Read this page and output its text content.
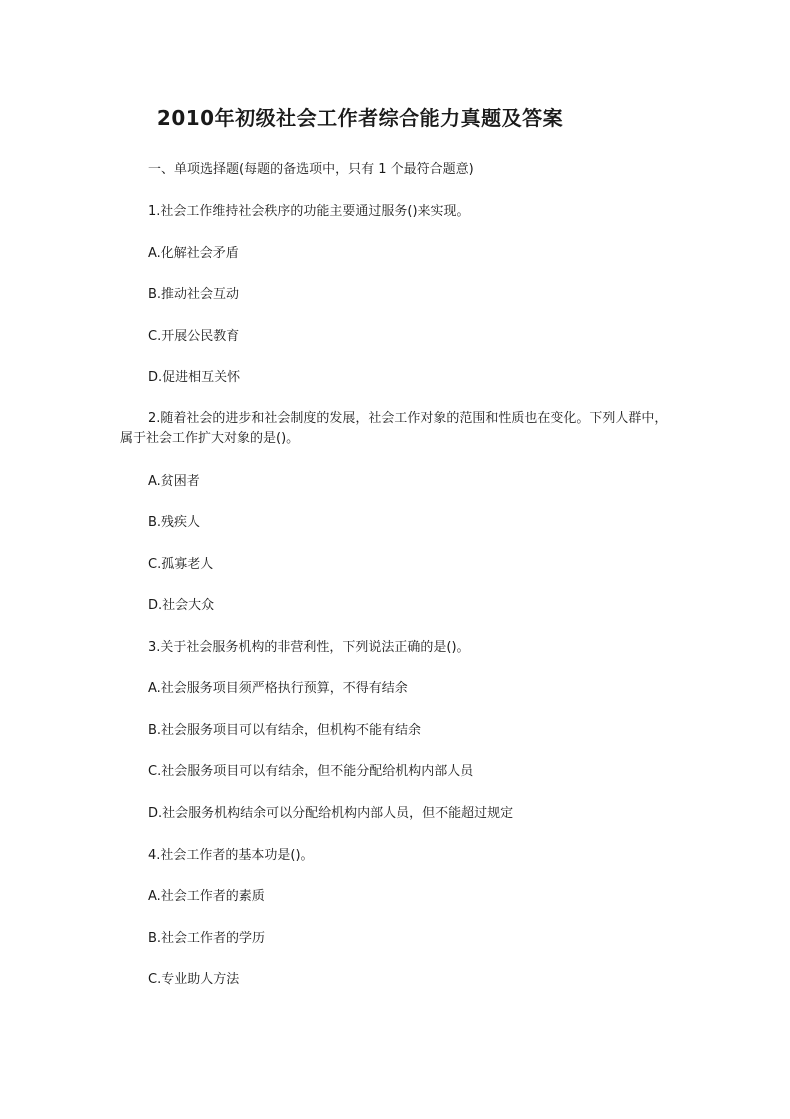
2010年初级社会工作者综合能力真题及答案
一、单项选择题(每题的备选项中，只有 1 个最符合题意)
1.社会工作维持社会秩序的功能主要通过服务()来实现。
A.化解社会矛盾
B.推动社会互动
C.开展公民教育
D.促进相互关怀
2.随着社会的进步和社会制度的发展，社会工作对象的范围和性质也在变化。下列人群中，属于社会工作扩大对象的是()。
A.贫困者
B.残疾人
C.孤寡老人
D.社会大众
3.关于社会服务机构的非营利性，下列说法正确的是()。
A.社会服务项目须严格执行预算，不得有结余
B.社会服务项目可以有结余，但机构不能有结余
C.社会服务项目可以有结余，但不能分配给机构内部人员
D.社会服务机构结余可以分配给机构内部人员，但不能超过规定
4.社会工作者的基本功是()。
A.社会工作者的素质
B.社会工作者的学历
C.专业助人方法
